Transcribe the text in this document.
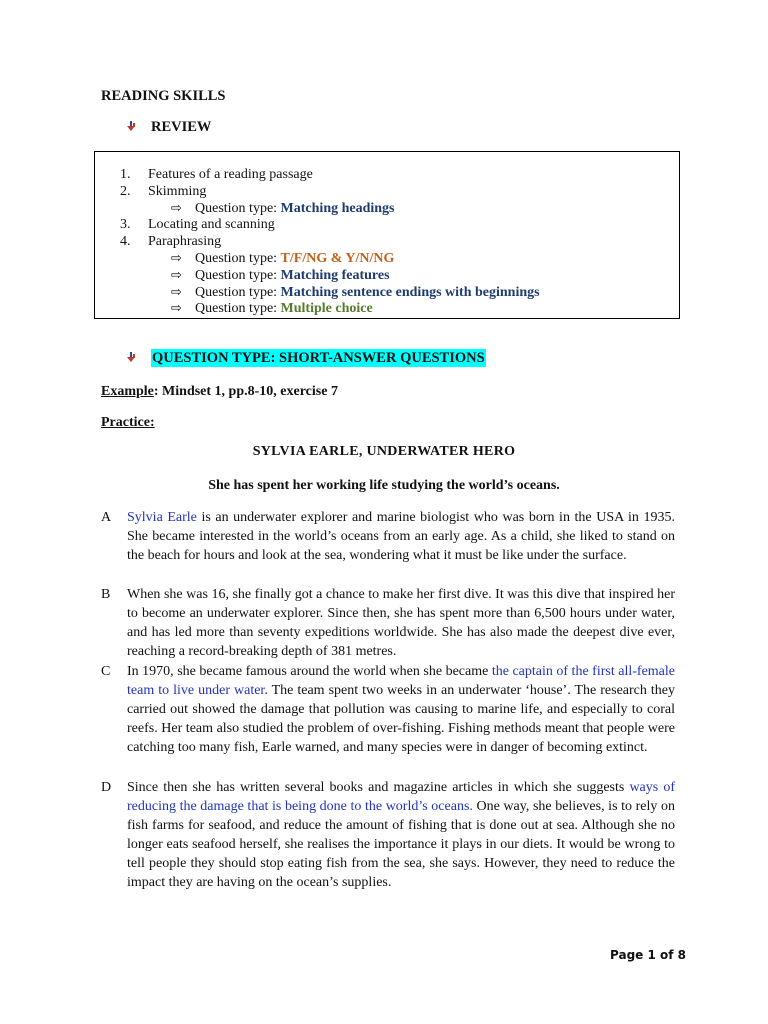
READING SKILLS
REVIEW
1. Features of a reading passage
2. Skimming
⇨ Question type: Matching headings
3. Locating and scanning
4. Paraphrasing
⇨ Question type: T/F/NG & Y/N/NG
⇨ Question type: Matching features
⇨ Question type: Matching sentence endings with beginnings
⇨ Question type: Multiple choice
QUESTION TYPE: SHORT-ANSWER QUESTIONS
Example: Mindset 1, pp.8-10, exercise 7
Practice:
SYLVIA EARLE, UNDERWATER HERO
She has spent her working life studying the world’s oceans.
A Sylvia Earle is an underwater explorer and marine biologist who was born in the USA in 1935. She became interested in the world’s oceans from an early age. As a child, she liked to stand on the beach for hours and look at the sea, wondering what it must be like under the surface.
B When she was 16, she finally got a chance to make her first dive. It was this dive that inspired her to become an underwater explorer. Since then, she has spent more than 6,500 hours under water, and has led more than seventy expeditions worldwide. She has also made the deepest dive ever, reaching a record-breaking depth of 381 metres.
C In 1970, she became famous around the world when she became the captain of the first all-female team to live under water. The team spent two weeks in an underwater ‘house’. The research they carried out showed the damage that pollution was causing to marine life, and especially to coral reefs. Her team also studied the problem of over-fishing. Fishing methods meant that people were catching too many fish, Earle warned, and many species were in danger of becoming extinct.
D Since then she has written several books and magazine articles in which she suggests ways of reducing the damage that is being done to the world’s oceans. One way, she believes, is to rely on fish farms for seafood, and reduce the amount of fishing that is done out at sea. Although she no longer eats seafood herself, she realises the importance it plays in our diets. It would be wrong to tell people they should stop eating fish from the sea, she says. However, they need to reduce the impact they are having on the ocean’s supplies.
Page 1 of 8
